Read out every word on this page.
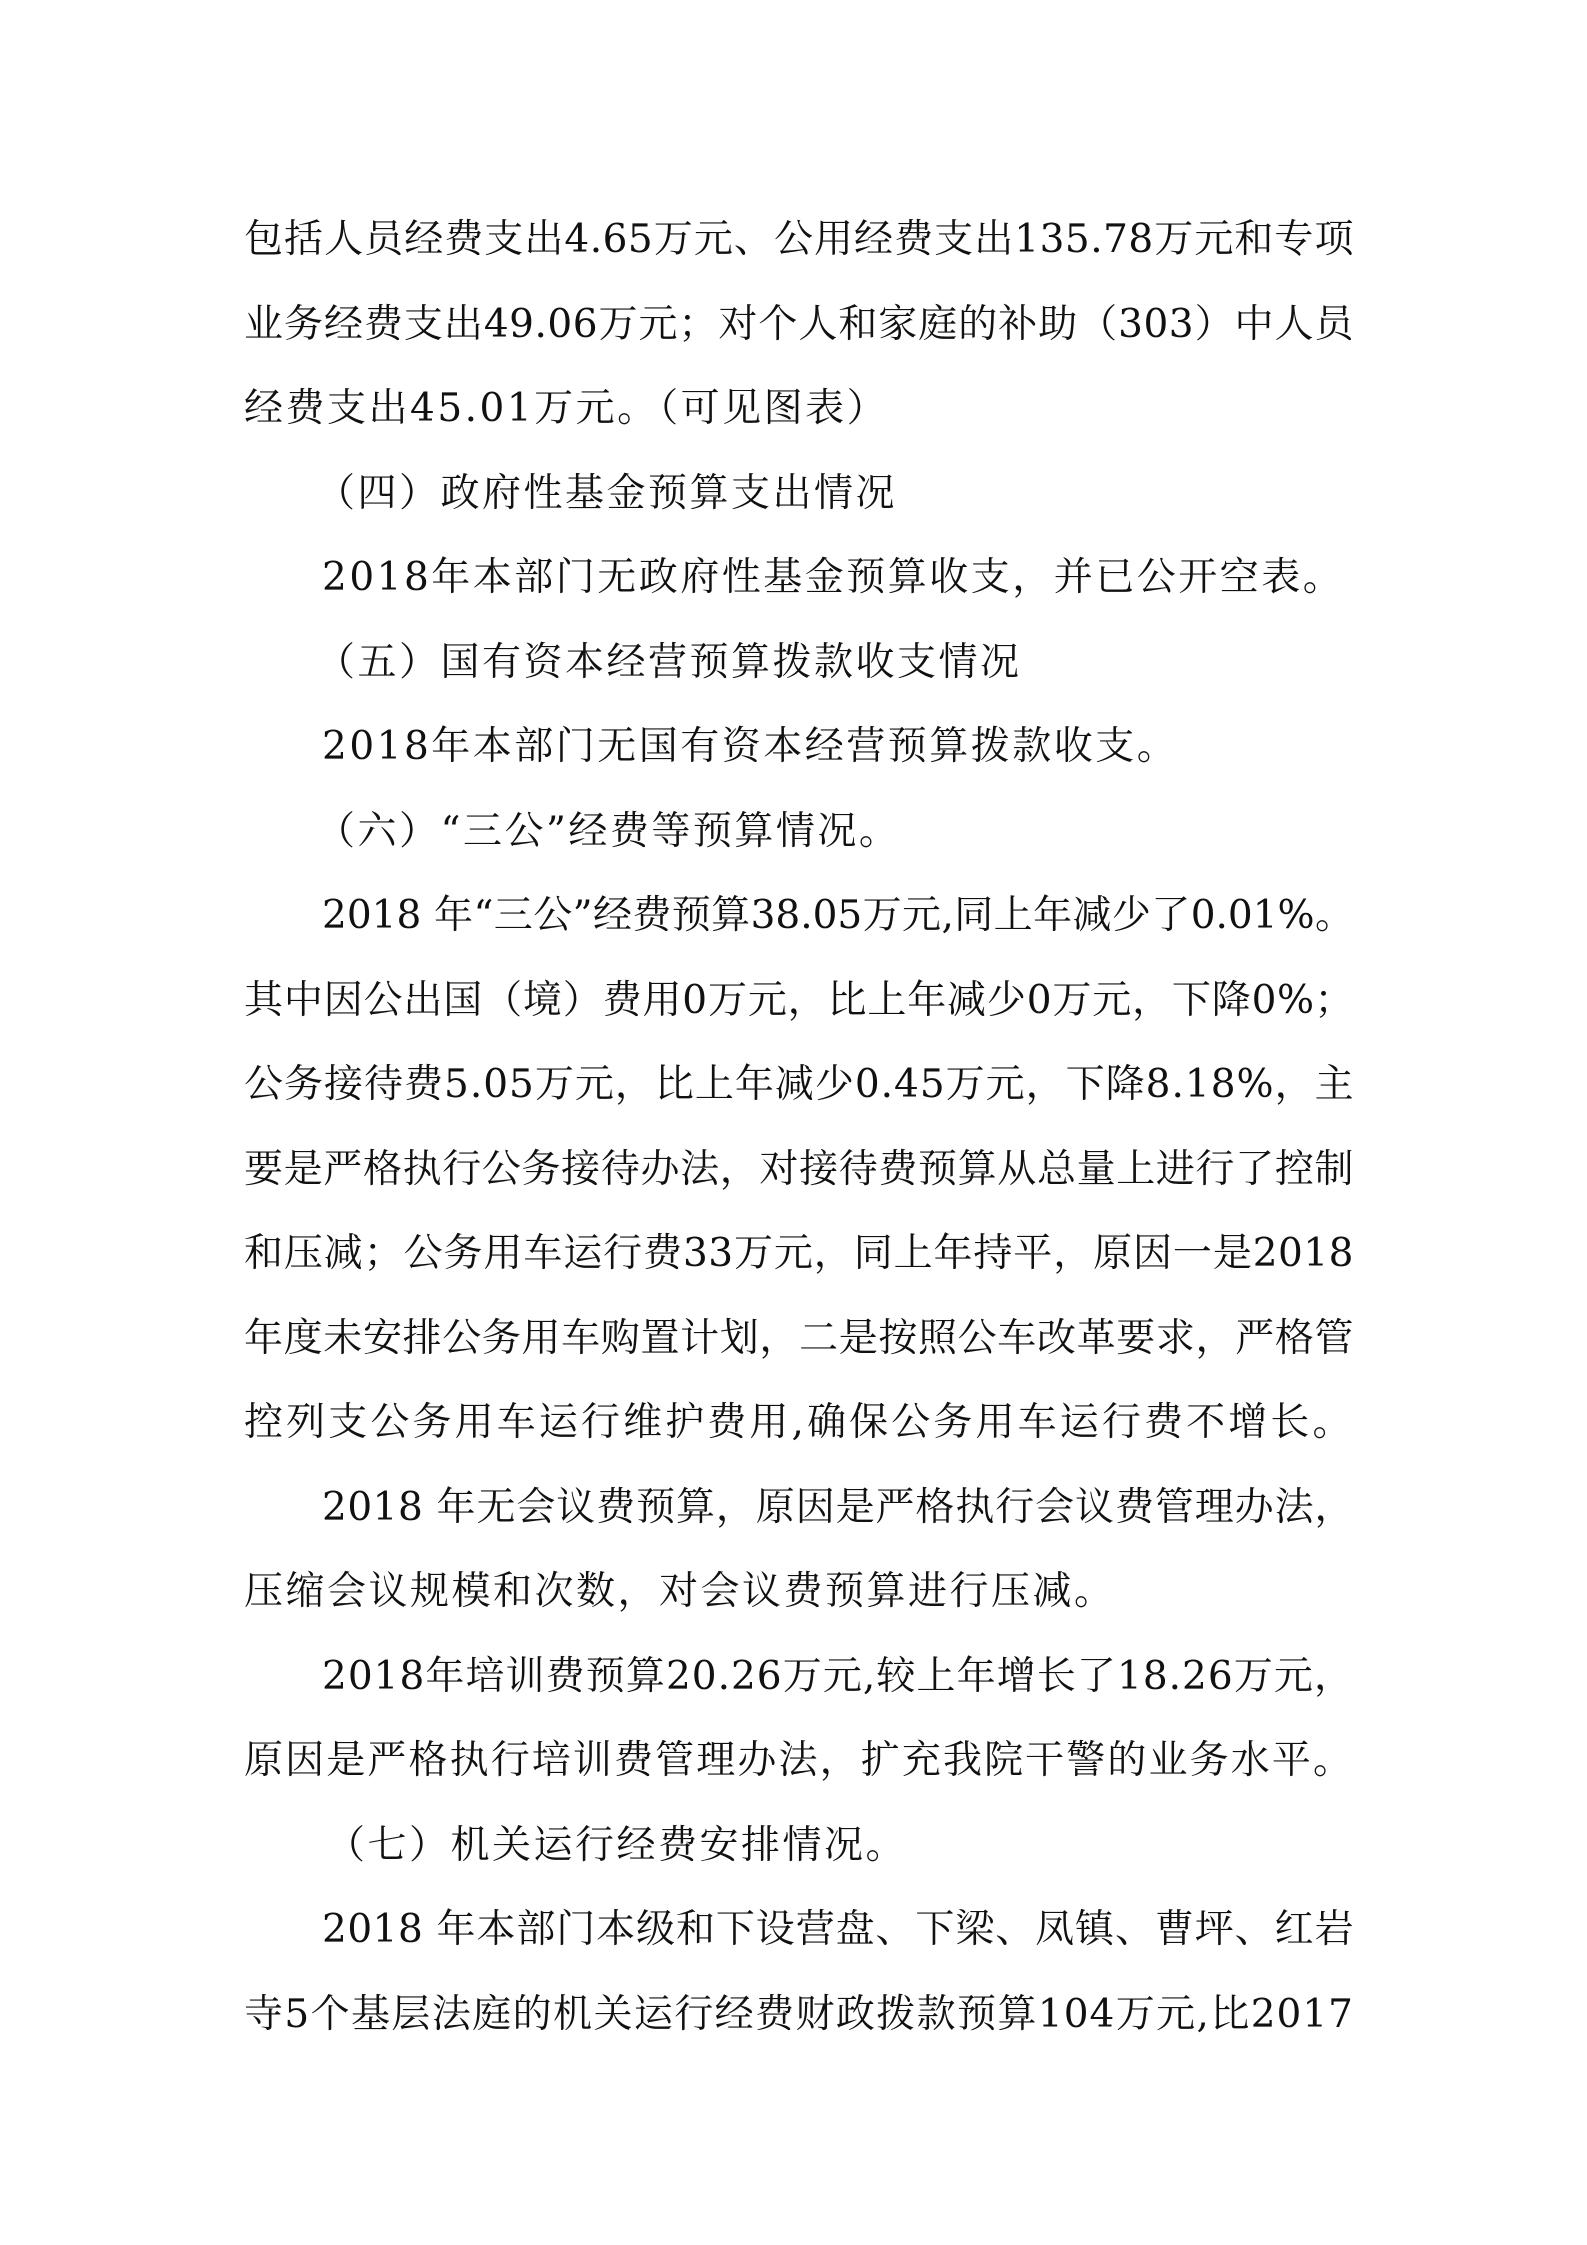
包括人员经费支出4.65万元、公用经费支出135.78万元和专项
业务经费支出49.06万元；对个人和家庭的补助（303）中人员
经费支出45.01万元。（可见图表）
（四）政府性基金预算支出情况
2018年本部门无政府性基金预算收支，并已公开空表。
（五）国有资本经营预算拨款收支情况
2018年本部门无国有资本经营预算拨款收支。
（六）“三公”经费等预算情况。
2018 年“三公”经费预算38.05万元,同上年减少了0.01%。
其中因公出国（境）费用0万元，比上年减少0万元，下降0%；
公务接待费5.05万元，比上年减少0.45万元，下降8.18%，主
要是严格执行公务接待办法，对接待费预算从总量上进行了控制
和压减；公务用车运行费33万元，同上年持平，原因一是2018
年度未安排公务用车购置计划，二是按照公车改革要求，严格管
控列支公务用车运行维护费用,确保公务用车运行费不增长。
2018 年无会议费预算，原因是严格执行会议费管理办法，
压缩会议规模和次数，对会议费预算进行压减。
2018年培训费预算20.26万元,较上年增长了18.26万元，
原因是严格执行培训费管理办法，扩充我院干警的业务水平。
（七）机关运行经费安排情况。
2018 年本部门本级和下设营盘、下梁、凤镇、曹坪、红岩
寺5个基层法庭的机关运行经费财政拨款预算104万元,比2017
